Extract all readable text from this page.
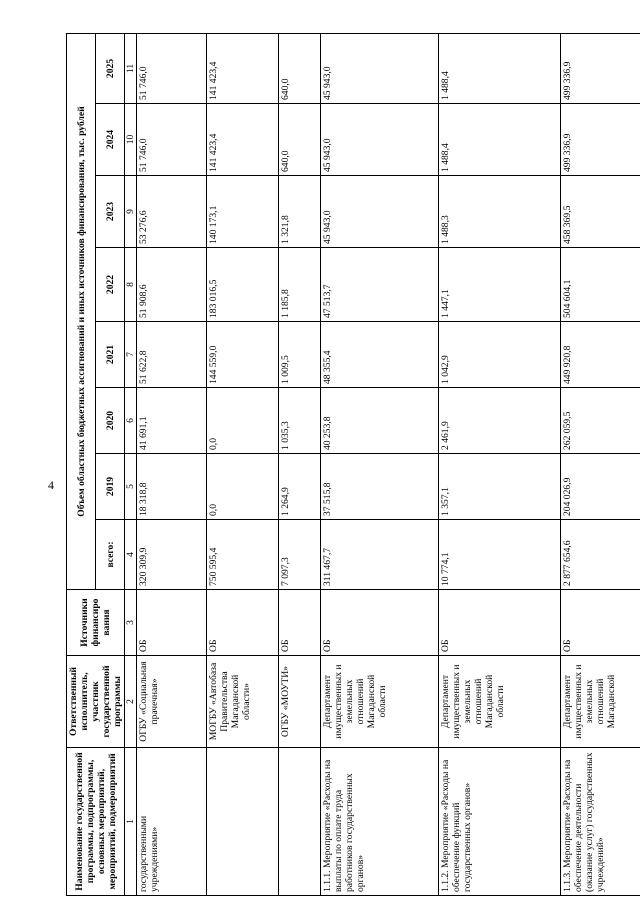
4
Наименование государственной программы, подпрограммы, основных мероприятий, мероприятий, подмероприятий	Ответственный исполнитель, участник государственной программы	Источники финансиро вания	Объем областных бюджетных ассигнований и иных источников финансирования, тыс. рублей							
			всего:	2019	2020	2021	2022	2023	2024	2025
1	2	3	4	5	6	7	8	9	10	11
государственными учреждениями»	ОГБУ «Социальная прачечная»	ОБ	320 309,9	18 318,8	41 691,1	51 622,8	51 908,6	53 276,6	51 746,0	51 746,0
	МОГБУ «Автобаза Правительства Магаданской области»	ОБ	750 595,4	0,0	0,0	144 559,0	183 016,5	140 173,1	141 423,4	141 423,4
	ОГБУ «МОУТИ»	ОБ	7 097,3	1 264,9	1 035,3	1 009,5	1 185,8	1 321,8	640,0	640,0
1.1.1. Мероприятие «Расходы на выплаты по оплате труда работников государственных органов»	Департамент имущественных и земельных отношений Магаданской области	ОБ	311 467,7	37 515,8	40 253,8	48 355,4	47 513,7	45 943,0	45 943,0	45 943,0
1.1.2. Мероприятие «Расходы на обеспечение функций государственных органов»	Департамент имущественных и земельных отношений Магаданской области	ОБ	10 774,1	1 357,1	2 461,9	1 042,9	1 447,1	1 488,3	1 488,4	1 488,4
1.1.3. Мероприятие «Расходы на обеспечение деятельности (оказание услуг) государственных учреждений»	Департамент имущественных и земельных отношений Магаданской	ОБ	2 877 654,6	204 026,9	262 059,5	449 920,8	504 604,1	458 369,5	499 336,9	499 336,9
